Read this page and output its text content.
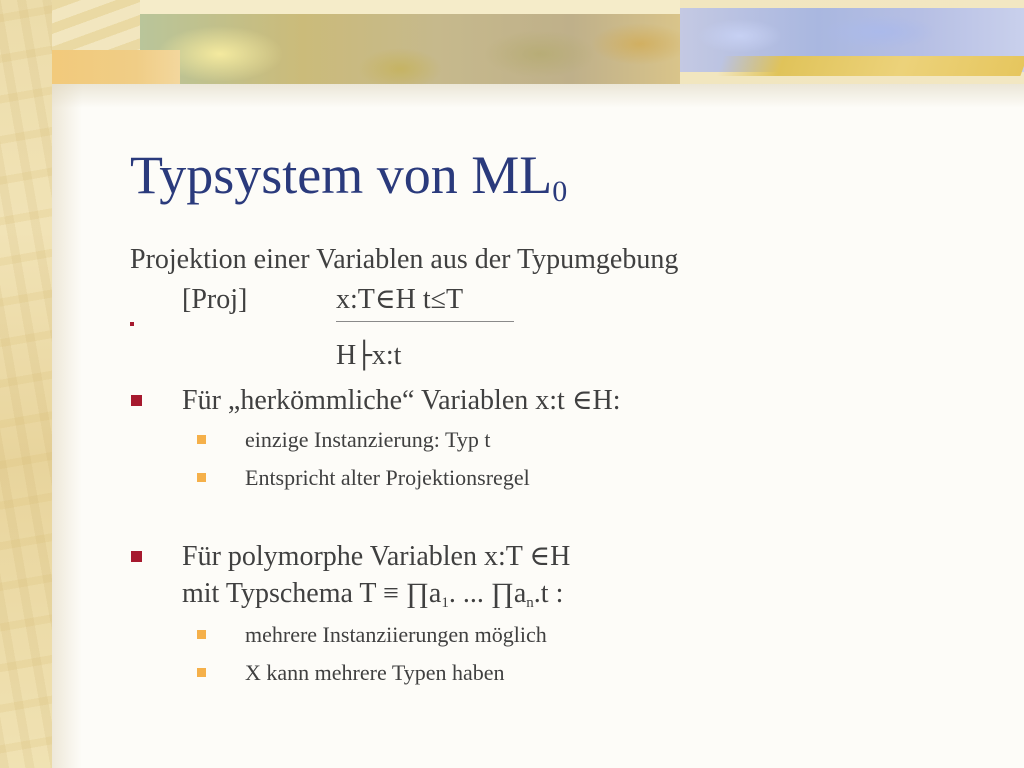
Typsystem von $ML_0$
Projektion einer Variablen aus der Typumgebung
[Proj]	x:T∈H t≤T
H├x:t
Für „herkömmliche“ Variablen x:t ∈H:
einzige Instanzierung: Typ t
Entspricht alter Projektionsregel
Für polymorphe Variablen x:T ∈H
mit Typschema $T \equiv \prod a_1$. ... $\prod a_n.t$ :
mehrere Instanziierungen möglich
X kann mehrere Typen haben
